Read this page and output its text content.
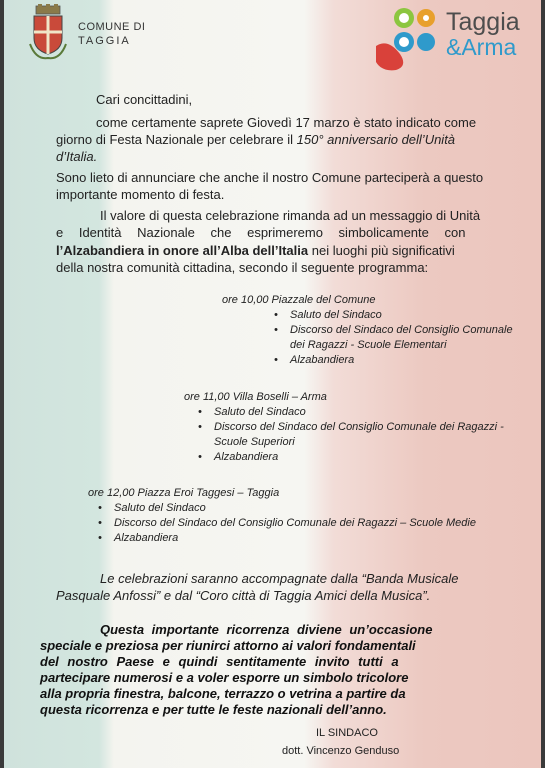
COMUNE DI
TAGGIA
Taggia
&Arma
Cari concittadini,
come certamente saprete Giovedì 17 marzo è stato indicato come
giorno di Festa Nazionale per celebrare il 150° anniversario dell’Unità
d’Italia.
Sono lieto di annunciare che anche il nostro Comune parteciperà a questo
importante momento di festa.
Il valore di questa celebrazione rimanda ad un messaggio di Unità
e Identità Nazionale che esprimeremo simbolicamente con
l’Alzabandiera in onore all’Alba dell’Italia nei luoghi più significativi
della nostra comunità cittadina, secondo il seguente programma:
ore 10,00 Piazzale del Comune
• Saluto del Sindaco
• Discorso del Sindaco del Consiglio Comunale
dei Ragazzi - Scuole Elementari
• Alzabandiera
ore 11,00 Villa Boselli – Arma
• Saluto del Sindaco
• Discorso del Sindaco del Consiglio Comunale dei Ragazzi -
Scuole Superiori
• Alzabandiera
ore 12,00 Piazza Eroi Taggesi – Taggia
• Saluto del Sindaco
• Discorso del Sindaco del Consiglio Comunale dei Ragazzi – Scuole Medie
• Alzabandiera
Le celebrazioni saranno accompagnate dalla “Banda Musicale
Pasquale Anfossi” e dal “Coro città di Taggia Amici della Musica”.
Questa importante ricorrenza diviene un’occasione
speciale e preziosa per riunirci attorno ai valori fondamentali
del nostro Paese e quindi sentitamente invito tutti a
partecipare numerosi e a voler esporre un simbolo tricolore
alla propria finestra, balcone, terrazzo o vetrina a partire da
questa ricorrenza e per tutte le feste nazionali dell’anno.
IL SINDACO
dott. Vincenzo Genduso
